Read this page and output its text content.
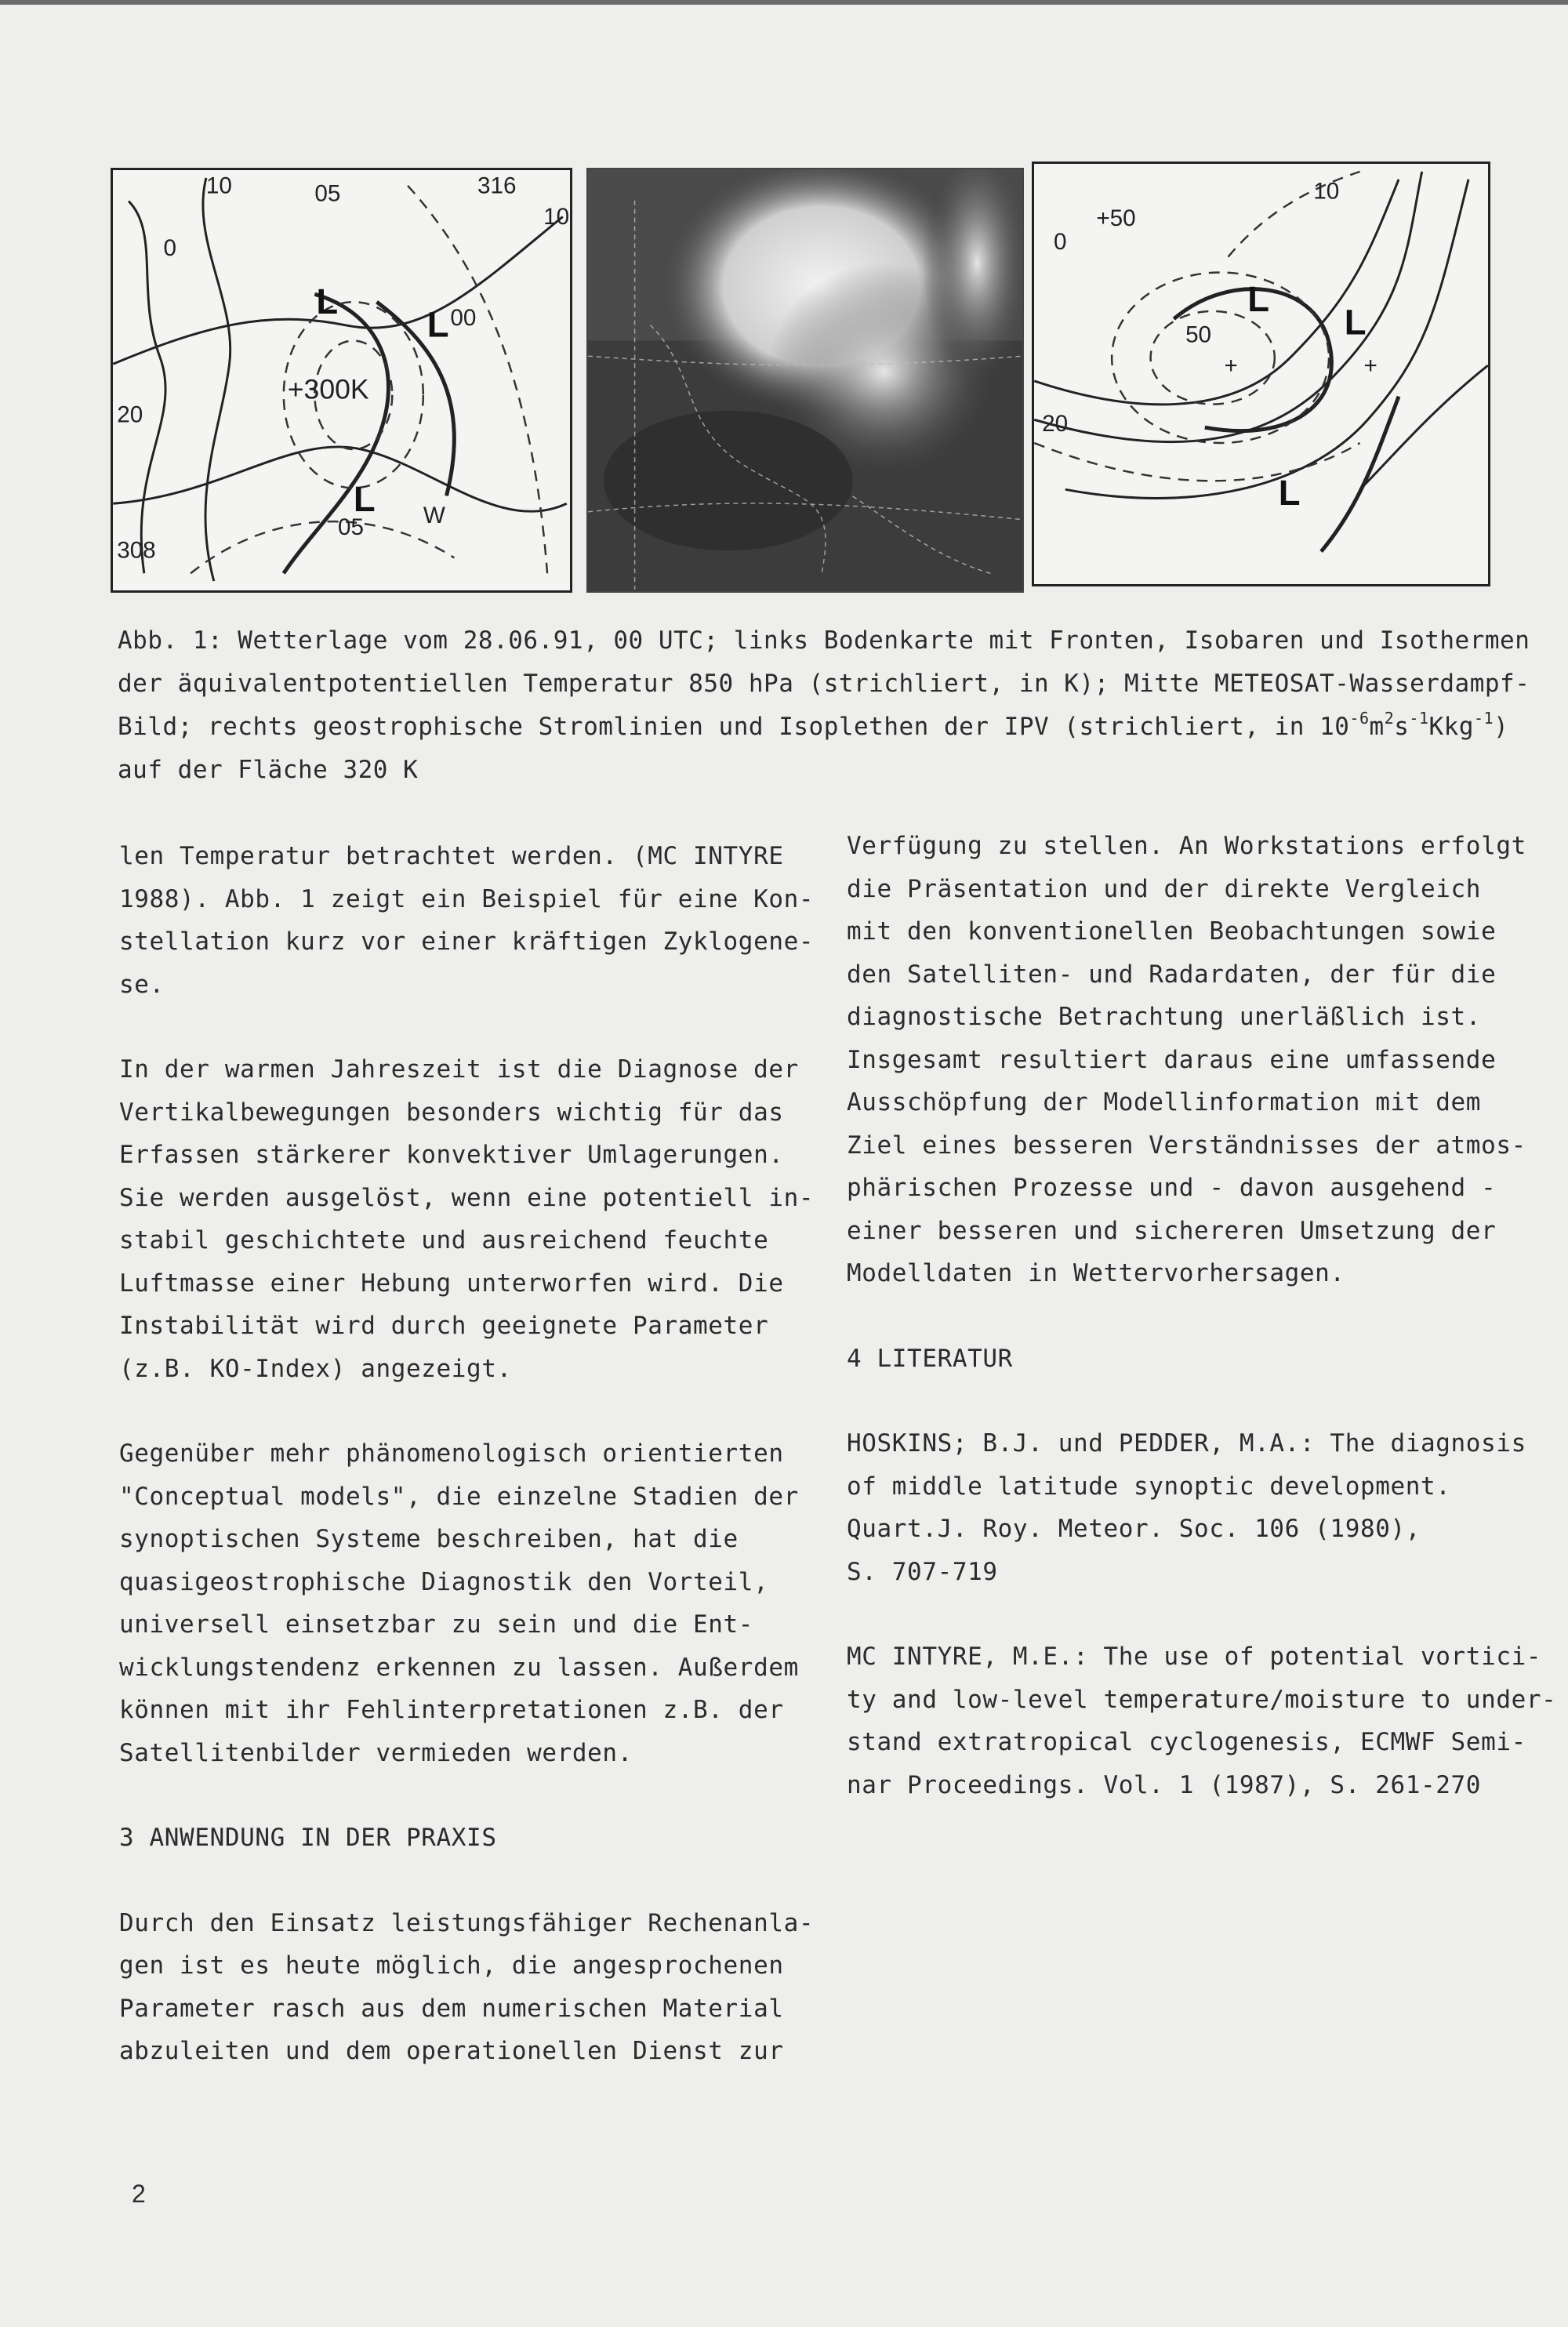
10	05	316
10
0
00
+300K
20
308
05	W
L
L
L
+50
10
0
50
+	+
20
L
L
L
Abb. 1: Wetterlage vom 28.06.91, 00 UTC; links Bodenkarte mit Fronten, Isobaren und Isothermen
der äquivalentpotentiellen Temperatur 850 hPa (strichliert, in K); Mitte METEOSAT-Wasserdampf-
Bild; rechts geostrophische Stromlinien und Isoplethen der IPV (strichliert, in $10^{-6}m^2s^{-1}Kkg^{-1}$)
auf der Fläche 320 K

len Temperatur betrachtet werden. (MC INTYRE
1988). Abb. 1 zeigt ein Beispiel für eine Kon-
stellation kurz vor einer kräftigen Zyklogene-
se.

In der warmen Jahreszeit ist die Diagnose der
Vertikalbewegungen besonders wichtig für das
Erfassen stärkerer konvektiver Umlagerungen.
Sie werden ausgelöst, wenn eine potentiell in-
stabil geschichtete und ausreichend feuchte
Luftmasse einer Hebung unterworfen wird. Die
Instabilität wird durch geeignete Parameter
(z.B. KO-Index) angezeigt.

Gegenüber mehr phänomenologisch orientierten
"Conceptual models", die einzelne Stadien der
synoptischen Systeme beschreiben, hat die
quasigeostrophische Diagnostik den Vorteil,
universell einsetzbar zu sein und die Ent-
wicklungstendenz erkennen zu lassen. Außerdem
können mit ihr Fehlinterpretationen z.B. der
Satellitenbilder vermieden werden.

3 ANWENDUNG IN DER PRAXIS

Durch den Einsatz leistungsfähiger Rechenanla-
gen ist es heute möglich, die angesprochenen
Parameter rasch aus dem numerischen Material
abzuleiten und dem operationellen Dienst zur

Verfügung zu stellen. An Workstations erfolgt
die Präsentation und der direkte Vergleich
mit den konventionellen Beobachtungen sowie
den Satelliten- und Radardaten, der für die
diagnostische Betrachtung unerläßlich ist.
Insgesamt resultiert daraus eine umfassende
Ausschöpfung der Modellinformation mit dem
Ziel eines besseren Verständnisses der atmos-
phärischen Prozesse und - davon ausgehend -
einer besseren und sichereren Umsetzung der
Modelldaten in Wettervorhersagen.

4 LITERATUR

HOSKINS; B.J. und PEDDER, M.A.: The diagnosis
of middle latitude synoptic development.
Quart.J. Roy. Meteor. Soc. 106 (1980),
S. 707-719

MC INTYRE, M.E.: The use of potential vortici-
ty and low-level temperature/moisture to under-
stand extratropical cyclogenesis, ECMWF Semi-
nar Proceedings. Vol. 1 (1987), S. 261-270

2
